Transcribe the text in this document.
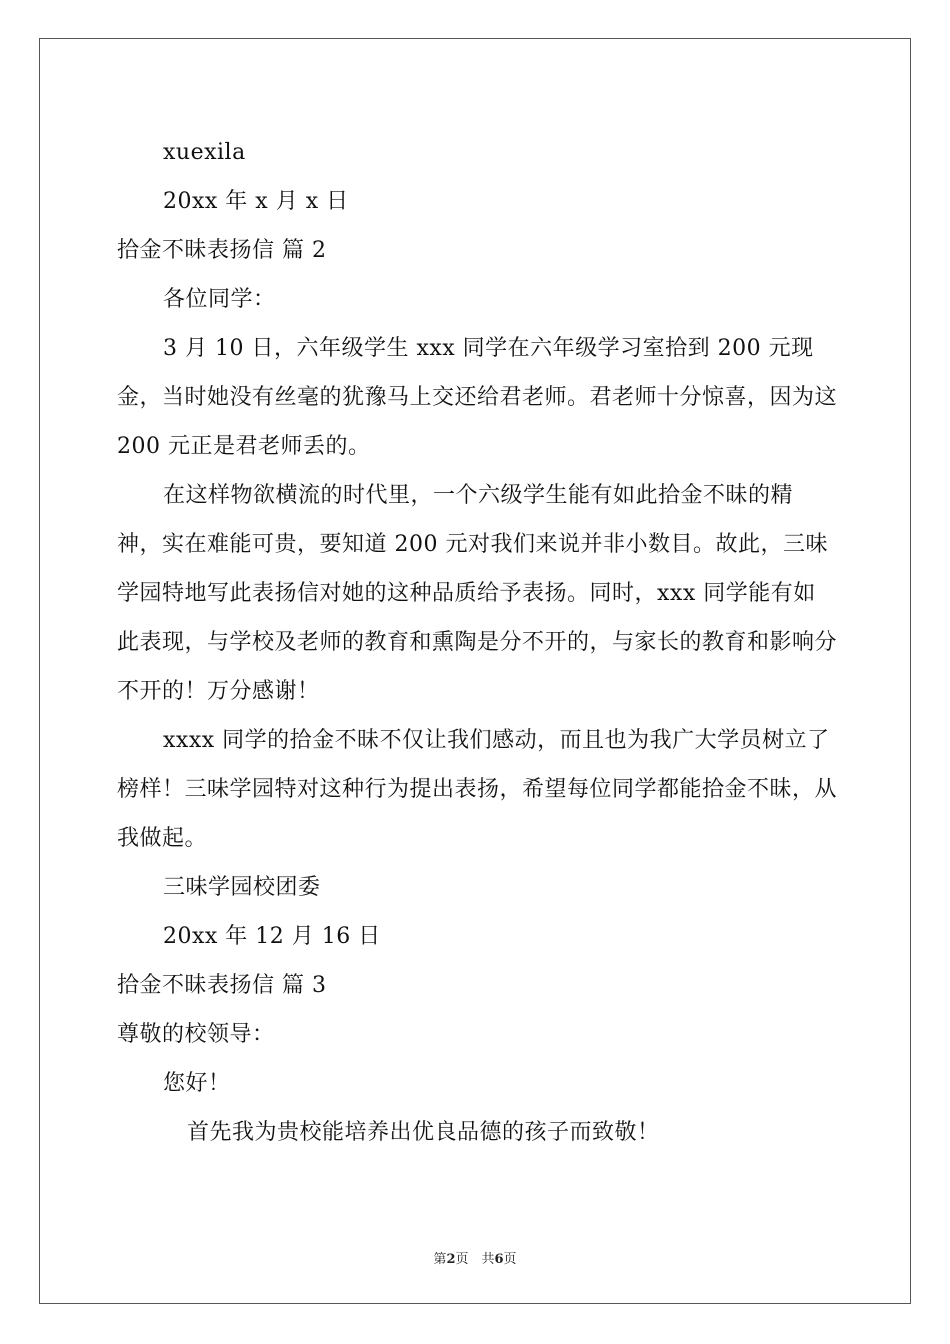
xuexila

20xx 年 x 月 x 日

拾金不昧表扬信 篇 2

各位同学：

3 月 10 日，六年级学生 xxx 同学在六年级学习室拾到 200 元现金，当时她没有丝毫的犹豫马上交还给君老师。君老师十分惊喜，因为这 200 元正是君老师丢的。

在这样物欲横流的时代里，一个六级学生能有如此拾金不昧的精神，实在难能可贵，要知道 200 元对我们来说并非小数目。故此，三味学园特地写此表扬信对她的这种品质给予表扬。同时，xxx 同学能有如此表现，与学校及老师的教育和熏陶是分不开的，与家长的教育和影响分不开的！万分感谢！

xxxx 同学的拾金不昧不仅让我们感动，而且也为我广大学员树立了榜样！三味学园特对这种行为提出表扬，希望每位同学都能拾金不昧，从我做起。

三味学园校团委

20xx 年 12 月 16 日

拾金不昧表扬信 篇 3

尊敬的校领导：

您好！

首先我为贵校能培养出优良品德的孩子而致敬！

第2页　共6页
